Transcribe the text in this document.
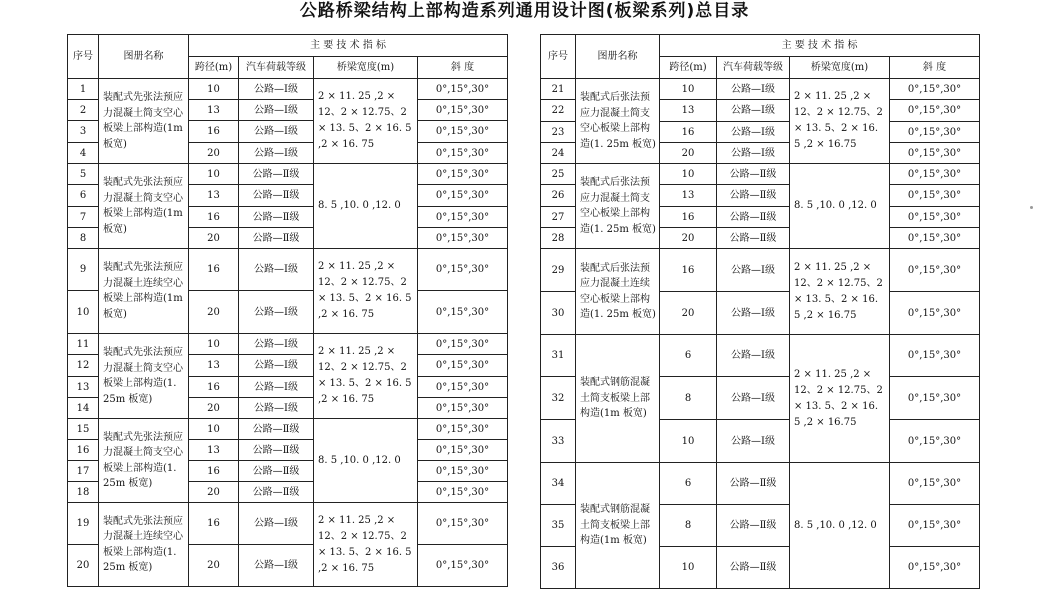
公路桥梁结构上部构造系列通用设计图(板梁系列)总目录
序号	图册名称	主 要 技 术 指 标			
		跨径(m)	汽车荷载等级	桥梁宽度(m)	斜 度
1	装配式先张法预应力混凝土简支空心板梁上部构造(1m板宽)	10	公路—Ⅰ级	2 × 11. 25 ,2 × 12、2 × 12.75、2 × 13. 5、2 × 16. 5 ,2 × 16. 75	0°,15°,30°
2		13	公路—Ⅰ级		0°,15°,30°
3		16	公路—Ⅰ级		0°,15°,30°
4		20	公路—Ⅰ级		0°,15°,30°
5	装配式先张法预应力混凝土简支空心板梁上部构造(1m板宽)	10	公路—Ⅱ级	8. 5 ,10. 0 ,12. 0	0°,15°,30°
6		13	公路—Ⅱ级		0°,15°,30°
7		16	公路—Ⅱ级		0°,15°,30°
8		20	公路—Ⅱ级		0°,15°,30°
9	装配式先张法预应力混凝土连续空心板梁上部构造(1m板宽)	16	公路—Ⅰ级	2 × 11. 25 ,2 × 12、2 × 12.75、2 × 13. 5、2 × 16. 5 ,2 × 16. 75	0°,15°,30°
10		20	公路—Ⅰ级		0°,15°,30°
11	装配式先张法预应力混凝土简支空心板梁上部构造(1. 25m 板宽)	10	公路—Ⅰ级	2 × 11. 25 ,2 × 12、2 × 12.75、2 × 13. 5、2 × 16. 5 ,2 × 16. 75	0°,15°,30°
12		13	公路—Ⅰ级		0°,15°,30°
13		16	公路—Ⅰ级		0°,15°,30°
14		20	公路—Ⅰ级		0°,15°,30°
15	装配式先张法预应力混凝土简支空心板梁上部构造(1. 25m 板宽)	10	公路—Ⅱ级	8. 5 ,10. 0 ,12. 0	0°,15°,30°
16		13	公路—Ⅱ级		0°,15°,30°
17		16	公路—Ⅱ级		0°,15°,30°
18		20	公路—Ⅱ级		0°,15°,30°
19	装配式先张法预应力混凝土连续空心板梁上部构造(1. 25m 板宽)	16	公路—Ⅰ级	2 × 11. 25 ,2 × 12、2 × 12.75、2 × 13. 5、2 × 16. 5 ,2 × 16. 75	0°,15°,30°
20		20	公路—Ⅰ级		0°,15°,30°
序号	图册名称	主 要 技 术 指 标			
		跨径(m)	汽车荷载等级	桥梁宽度(m)	斜 度
21	装配式后张法预应力混凝土简支空心板梁上部构造(1. 25m 板宽)	10	公路—Ⅰ级	2 × 11. 25 ,2 × 12、2 × 12.75、2 × 13. 5、2 × 16. 5 ,2 × 16.75	0°,15°,30°
22		13	公路—Ⅰ级		0°,15°,30°
23		16	公路—Ⅰ级		0°,15°,30°
24		20	公路—Ⅰ级		0°,15°,30°
25	装配式后张法预应力混凝土简支空心板梁上部构造(1. 25m 板宽)	10	公路—Ⅱ级	8. 5 ,10. 0 ,12. 0	0°,15°,30°
26		13	公路—Ⅱ级		0°,15°,30°
27		16	公路—Ⅱ级		0°,15°,30°
28		20	公路—Ⅱ级		0°,15°,30°
29	装配式后张法预应力混凝土连续空心板梁上部构造(1. 25m 板宽)	16	公路—Ⅰ级	2 × 11. 25 ,2 × 12、2 × 12.75、2 × 13. 5、2 × 16. 5 ,2 × 16.75	0°,15°,30°
30		20	公路—Ⅰ级		0°,15°,30°
31	装配式钢筋混凝土简支板梁上部构造(1m 板宽)	6	公路—Ⅰ级	2 × 11. 25 ,2 × 12、2 × 12.75、2 × 13. 5、2 × 16. 5 ,2 × 16.75	0°,15°,30°
32		8	公路—Ⅰ级		0°,15°,30°
33		10	公路—Ⅰ级		0°,15°,30°
34	装配式钢筋混凝土简支板梁上部构造(1m 板宽)	6	公路—Ⅱ级	8. 5 ,10. 0 ,12. 0	0°,15°,30°
35		8	公路—Ⅱ级		0°,15°,30°
36		10	公路—Ⅱ级		0°,15°,30°
